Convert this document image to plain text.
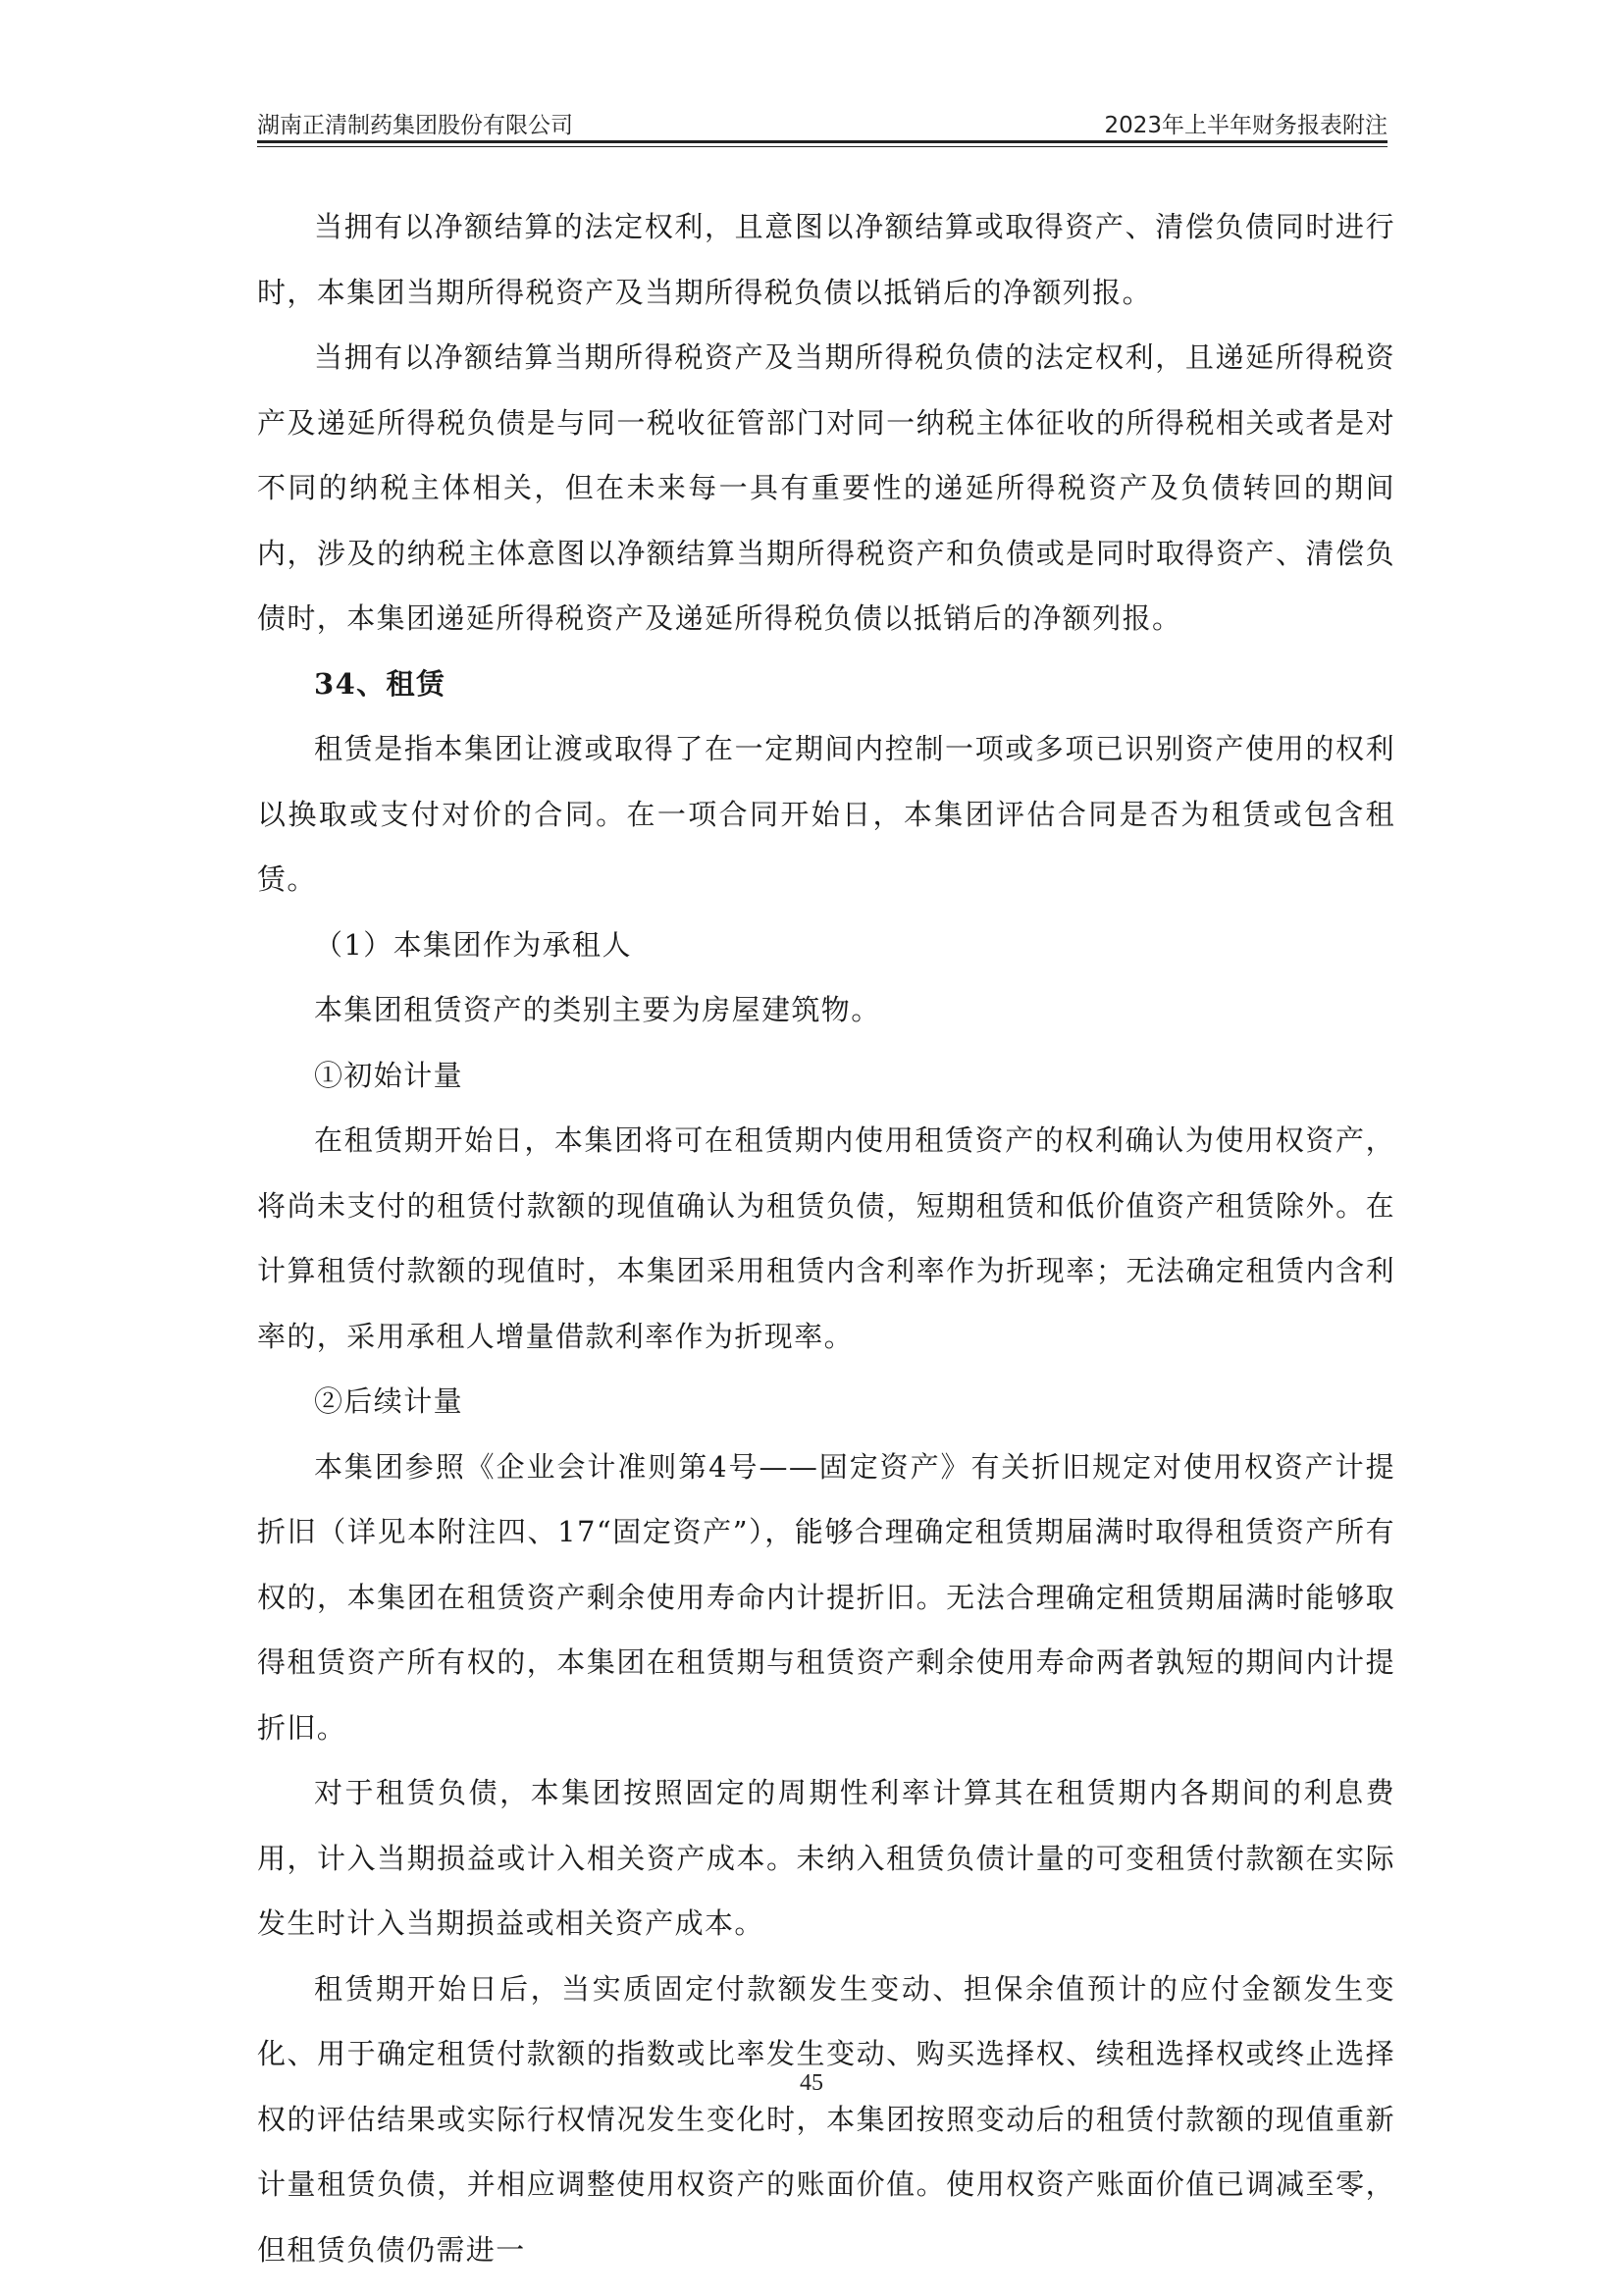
湖南正清制药集团股份有限公司	2023年上半年财务报表附注

当拥有以净额结算的法定权利，且意图以净额结算或取得资产、清偿负债同时进行时，本集团当期所得税资产及当期所得税负债以抵销后的净额列报。

当拥有以净额结算当期所得税资产及当期所得税负债的法定权利，且递延所得税资产及递延所得税负债是与同一税收征管部门对同一纳税主体征收的所得税相关或者是对不同的纳税主体相关，但在未来每一具有重要性的递延所得税资产及负债转回的期间内，涉及的纳税主体意图以净额结算当期所得税资产和负债或是同时取得资产、清偿负债时，本集团递延所得税资产及递延所得税负债以抵销后的净额列报。

34、租赁

租赁是指本集团让渡或取得了在一定期间内控制一项或多项已识别资产使用的权利以换取或支付对价的合同。在一项合同开始日，本集团评估合同是否为租赁或包含租赁。

（1）本集团作为承租人

本集团租赁资产的类别主要为房屋建筑物。

①初始计量

在租赁期开始日，本集团将可在租赁期内使用租赁资产的权利确认为使用权资产，将尚未支付的租赁付款额的现值确认为租赁负债，短期租赁和低价值资产租赁除外。在计算租赁付款额的现值时，本集团采用租赁内含利率作为折现率；无法确定租赁内含利率的，采用承租人增量借款利率作为折现率。

②后续计量

本集团参照《企业会计准则第4号——固定资产》有关折旧规定对使用权资产计提折旧（详见本附注四、17“固定资产”），能够合理确定租赁期届满时取得租赁资产所有权的，本集团在租赁资产剩余使用寿命内计提折旧。无法合理确定租赁期届满时能够取得租赁资产所有权的，本集团在租赁期与租赁资产剩余使用寿命两者孰短的期间内计提折旧。

对于租赁负债，本集团按照固定的周期性利率计算其在租赁期内各期间的利息费用，计入当期损益或计入相关资产成本。未纳入租赁负债计量的可变租赁付款额在实际发生时计入当期损益或相关资产成本。

租赁期开始日后，当实质固定付款额发生变动、担保余值预计的应付金额发生变化、用于确定租赁付款额的指数或比率发生变动、购买选择权、续租选择权或终止选择权的评估结果或实际行权情况发生变化时，本集团按照变动后的租赁付款额的现值重新计量租赁负债，并相应调整使用权资产的账面价值。使用权资产账面价值已调减至零，但租赁负债仍需进一

45
